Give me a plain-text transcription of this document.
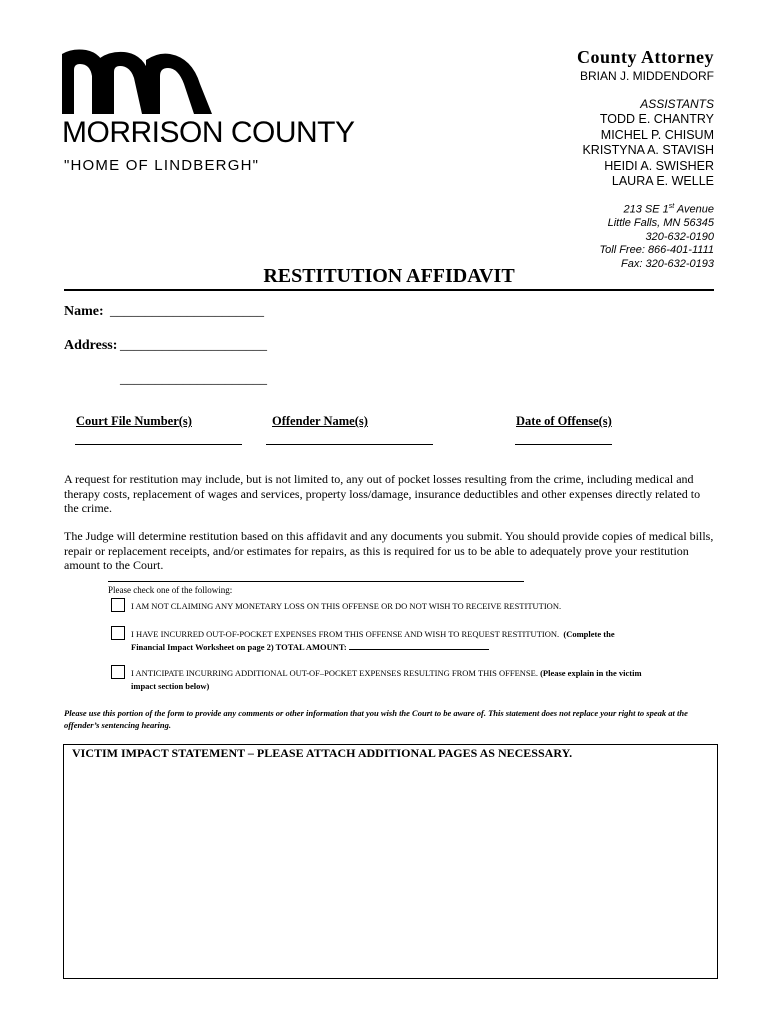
MORRISON COUNTY
"HOME OF LINDBERGH"
County Attorney
BRIAN J. MIDDENDORF
ASSISTANTS
TODD E. CHANTRY
MICHEL P. CHISUM
KRISTYNA A. STAVISH
HEIDI A. SWISHER
LAURA E. WELLE
213 SE 1st Avenue
Little Falls, MN 56345
320-632-0190
Toll Free: 866-401-1111
Fax: 320-632-0193
RESTITUTION AFFIDAVIT
Name: ______________________
Address: _____________________
_____________________
Court File Number(s)	Offender Name(s)	Date of Offense(s)
A request for restitution may include, but is not limited to, any out of pocket losses resulting from the crime, including medical and therapy costs, replacement of wages and services, property loss/damage, insurance deductibles and other expenses directly related to the crime.
The Judge will determine restitution based on this affidavit and any documents you submit. You should provide copies of medical bills, repair or replacement receipts, and/or estimates for repairs, as this is required for us to be able to adequately prove your restitution amount to the Court.
Please check one of the following:
I AM NOT CLAIMING ANY MONETARY LOSS ON THIS OFFENSE OR DO NOT WISH TO RECEIVE RESTITUTION.
I HAVE INCURRED OUT-OF-POCKET EXPENSES FROM THIS OFFENSE AND WISH TO REQUEST RESTITUTION. (Complete the
Financial Impact Worksheet on page 2) TOTAL AMOUNT:
I ANTICIPATE INCURRING ADDITIONAL OUT-OF–POCKET EXPENSES RESULTING FROM THIS OFFENSE. (Please explain in the victim
impact section below)
Please use this portion of the form to provide any comments or other information that you wish the Court to be aware of. This statement does not replace your right to speak at the offender’s sentencing hearing.
VICTIM IMPACT STATEMENT – PLEASE ATTACH ADDITIONAL PAGES AS NECESSARY.
